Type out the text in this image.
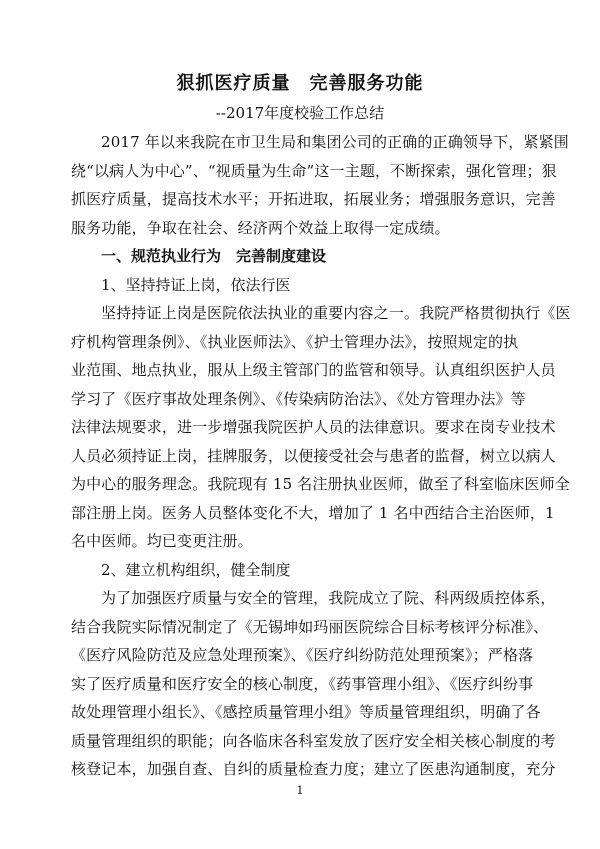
狠抓医疗质量　完善服务功能
--2017年度校验工作总结
2017 年以来我院在市卫生局和集团公司的正确的正确领导下，紧紧围
绕“以病人为中心”、“视质量为生命”这一主题，不断探索，强化管理；狠
抓医疗质量，提高技术水平；开拓进取，拓展业务；增强服务意识，完善
服务功能，争取在社会、经济两个效益上取得一定成绩。
一、规范执业行为　完善制度建设
1、坚持持证上岗，依法行医
坚持持证上岗是医院依法执业的重要内容之一。我院严格贯彻执行《医
疗机构管理条例》、《执业医师法》、《护士管理办法》，按照规定的执
业范围、地点执业，服从上级主管部门的监管和领导。认真组织医护人员
学习了《医疗事故处理条例》、《传染病防治法》、《处方管理办法》等
法律法规要求，进一步增强我院医护人员的法律意识。要求在岗专业技术
人员必须持证上岗，挂牌服务，以便接受社会与患者的监督，树立以病人
为中心的服务理念。我院现有 15 名注册执业医师，做至了科室临床医师全
部注册上岗。医务人员整体变化不大，增加了 1 名中西结合主治医师，1
名中医师。均已变更注册。
2、建立机构组织，健全制度
为了加强医疗质量与安全的管理，我院成立了院、科两级质控体系，
结合我院实际情况制定了《无锡坤如玛丽医院综合目标考核评分标准》、
《医疗风险防范及应急处理预案》、《医疗纠纷防范处理预案》；严格落
实了医疗质量和医疗安全的核心制度，《药事管理小组》、《医疗纠纷事
故处理管理小组长》、《感控质量管理小组》等质量管理组织，明确了各
质量管理组织的职能；向各临床各科室发放了医疗安全相关核心制度的考
核登记本，加强自查、自纠的质量检查力度；建立了医患沟通制度，充分
1
